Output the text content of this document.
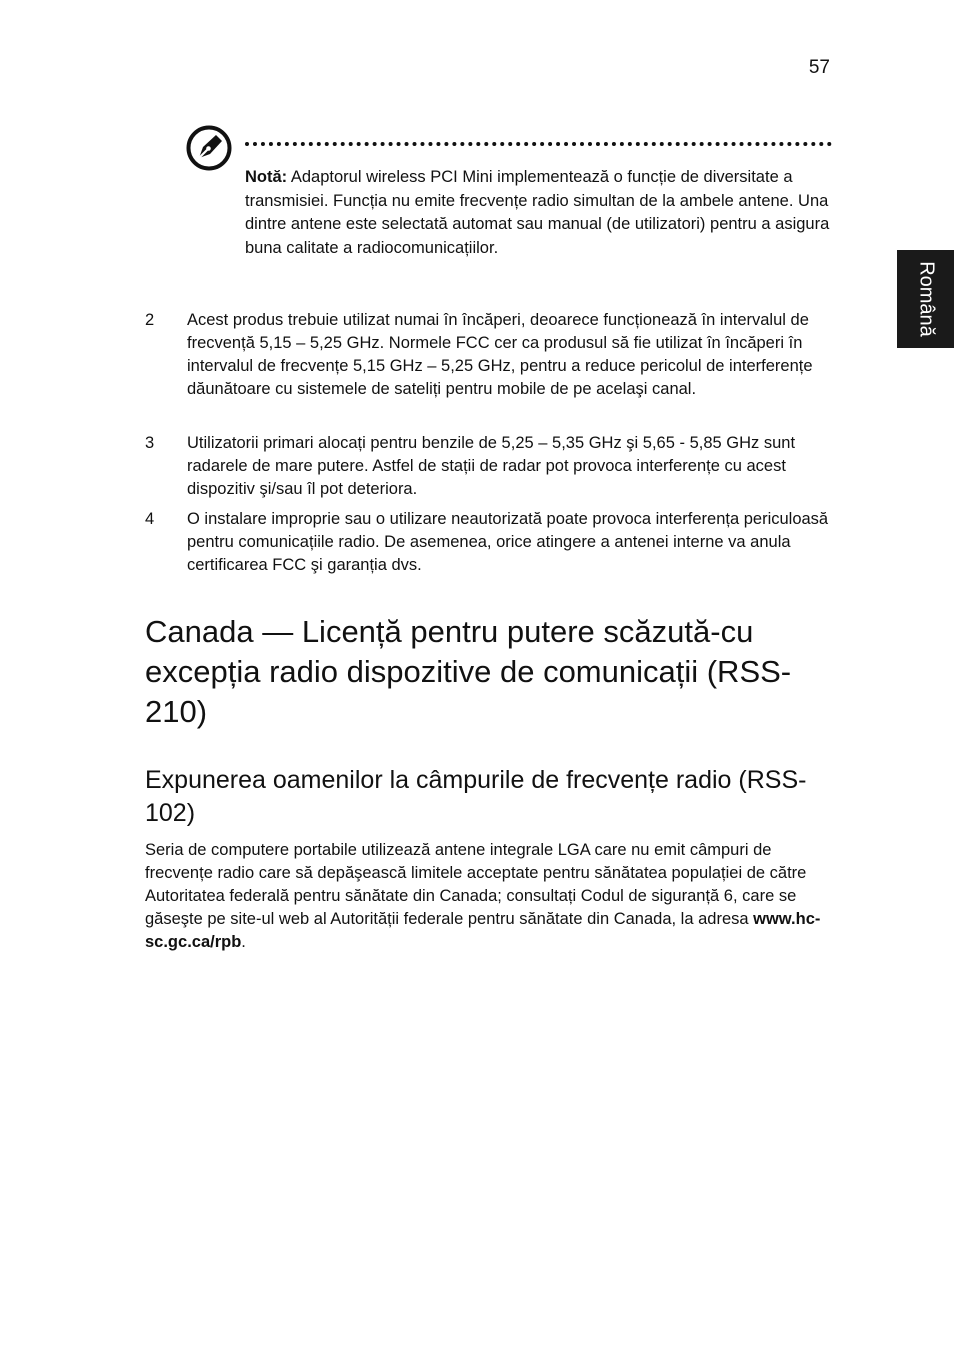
57
Română
Notă: Adaptorul wireless PCI Mini implementează o funcție de diversitate a transmisiei. Funcția nu emite frecvențe radio simultan de la ambele antene. Una dintre antene este selectată automat sau manual (de utilizatori) pentru a asigura buna calitate a radiocomunicațiilor.
2	Acest produs trebuie utilizat numai în încăperi, deoarece funcționează în intervalul de frecvență 5,15 – 5,25 GHz. Normele FCC cer ca produsul să fie utilizat în încăperi în intervalul de frecvențe 5,15 GHz – 5,25 GHz, pentru a reduce pericolul de interferențe dăunătoare cu sistemele de sateliți pentru mobile de pe acelaşi canal.
3	Utilizatorii primari alocați pentru benzile de 5,25 – 5,35 GHz şi 5,65 - 5,85 GHz sunt radarele de mare putere. Astfel de stații de radar pot provoca interferențe cu acest dispozitiv şi/sau îl pot deteriora.
4	O instalare improprie sau o utilizare neautorizată poate provoca interferența periculoasă pentru comunicațiile radio. De asemenea, orice atingere a antenei interne va anula certificarea FCC şi garanția dvs.
Canada — Licență pentru putere scăzută-cu excepția radio dispozitive de comunicații (RSS-210)
Expunerea oamenilor la câmpurile de frecvențe radio (RSS-102)
Seria de computere portabile utilizează antene integrale LGA care nu emit câmpuri de frecvențe radio care să depăşească limitele acceptate pentru sănătatea populației de către Autoritatea federală pentru sănătate din Canada; consultați Codul de siguranță 6, care se găseşte pe site-ul web al Autorității federale pentru sănătate din Canada, la adresa www.hc-sc.gc.ca/rpb.
